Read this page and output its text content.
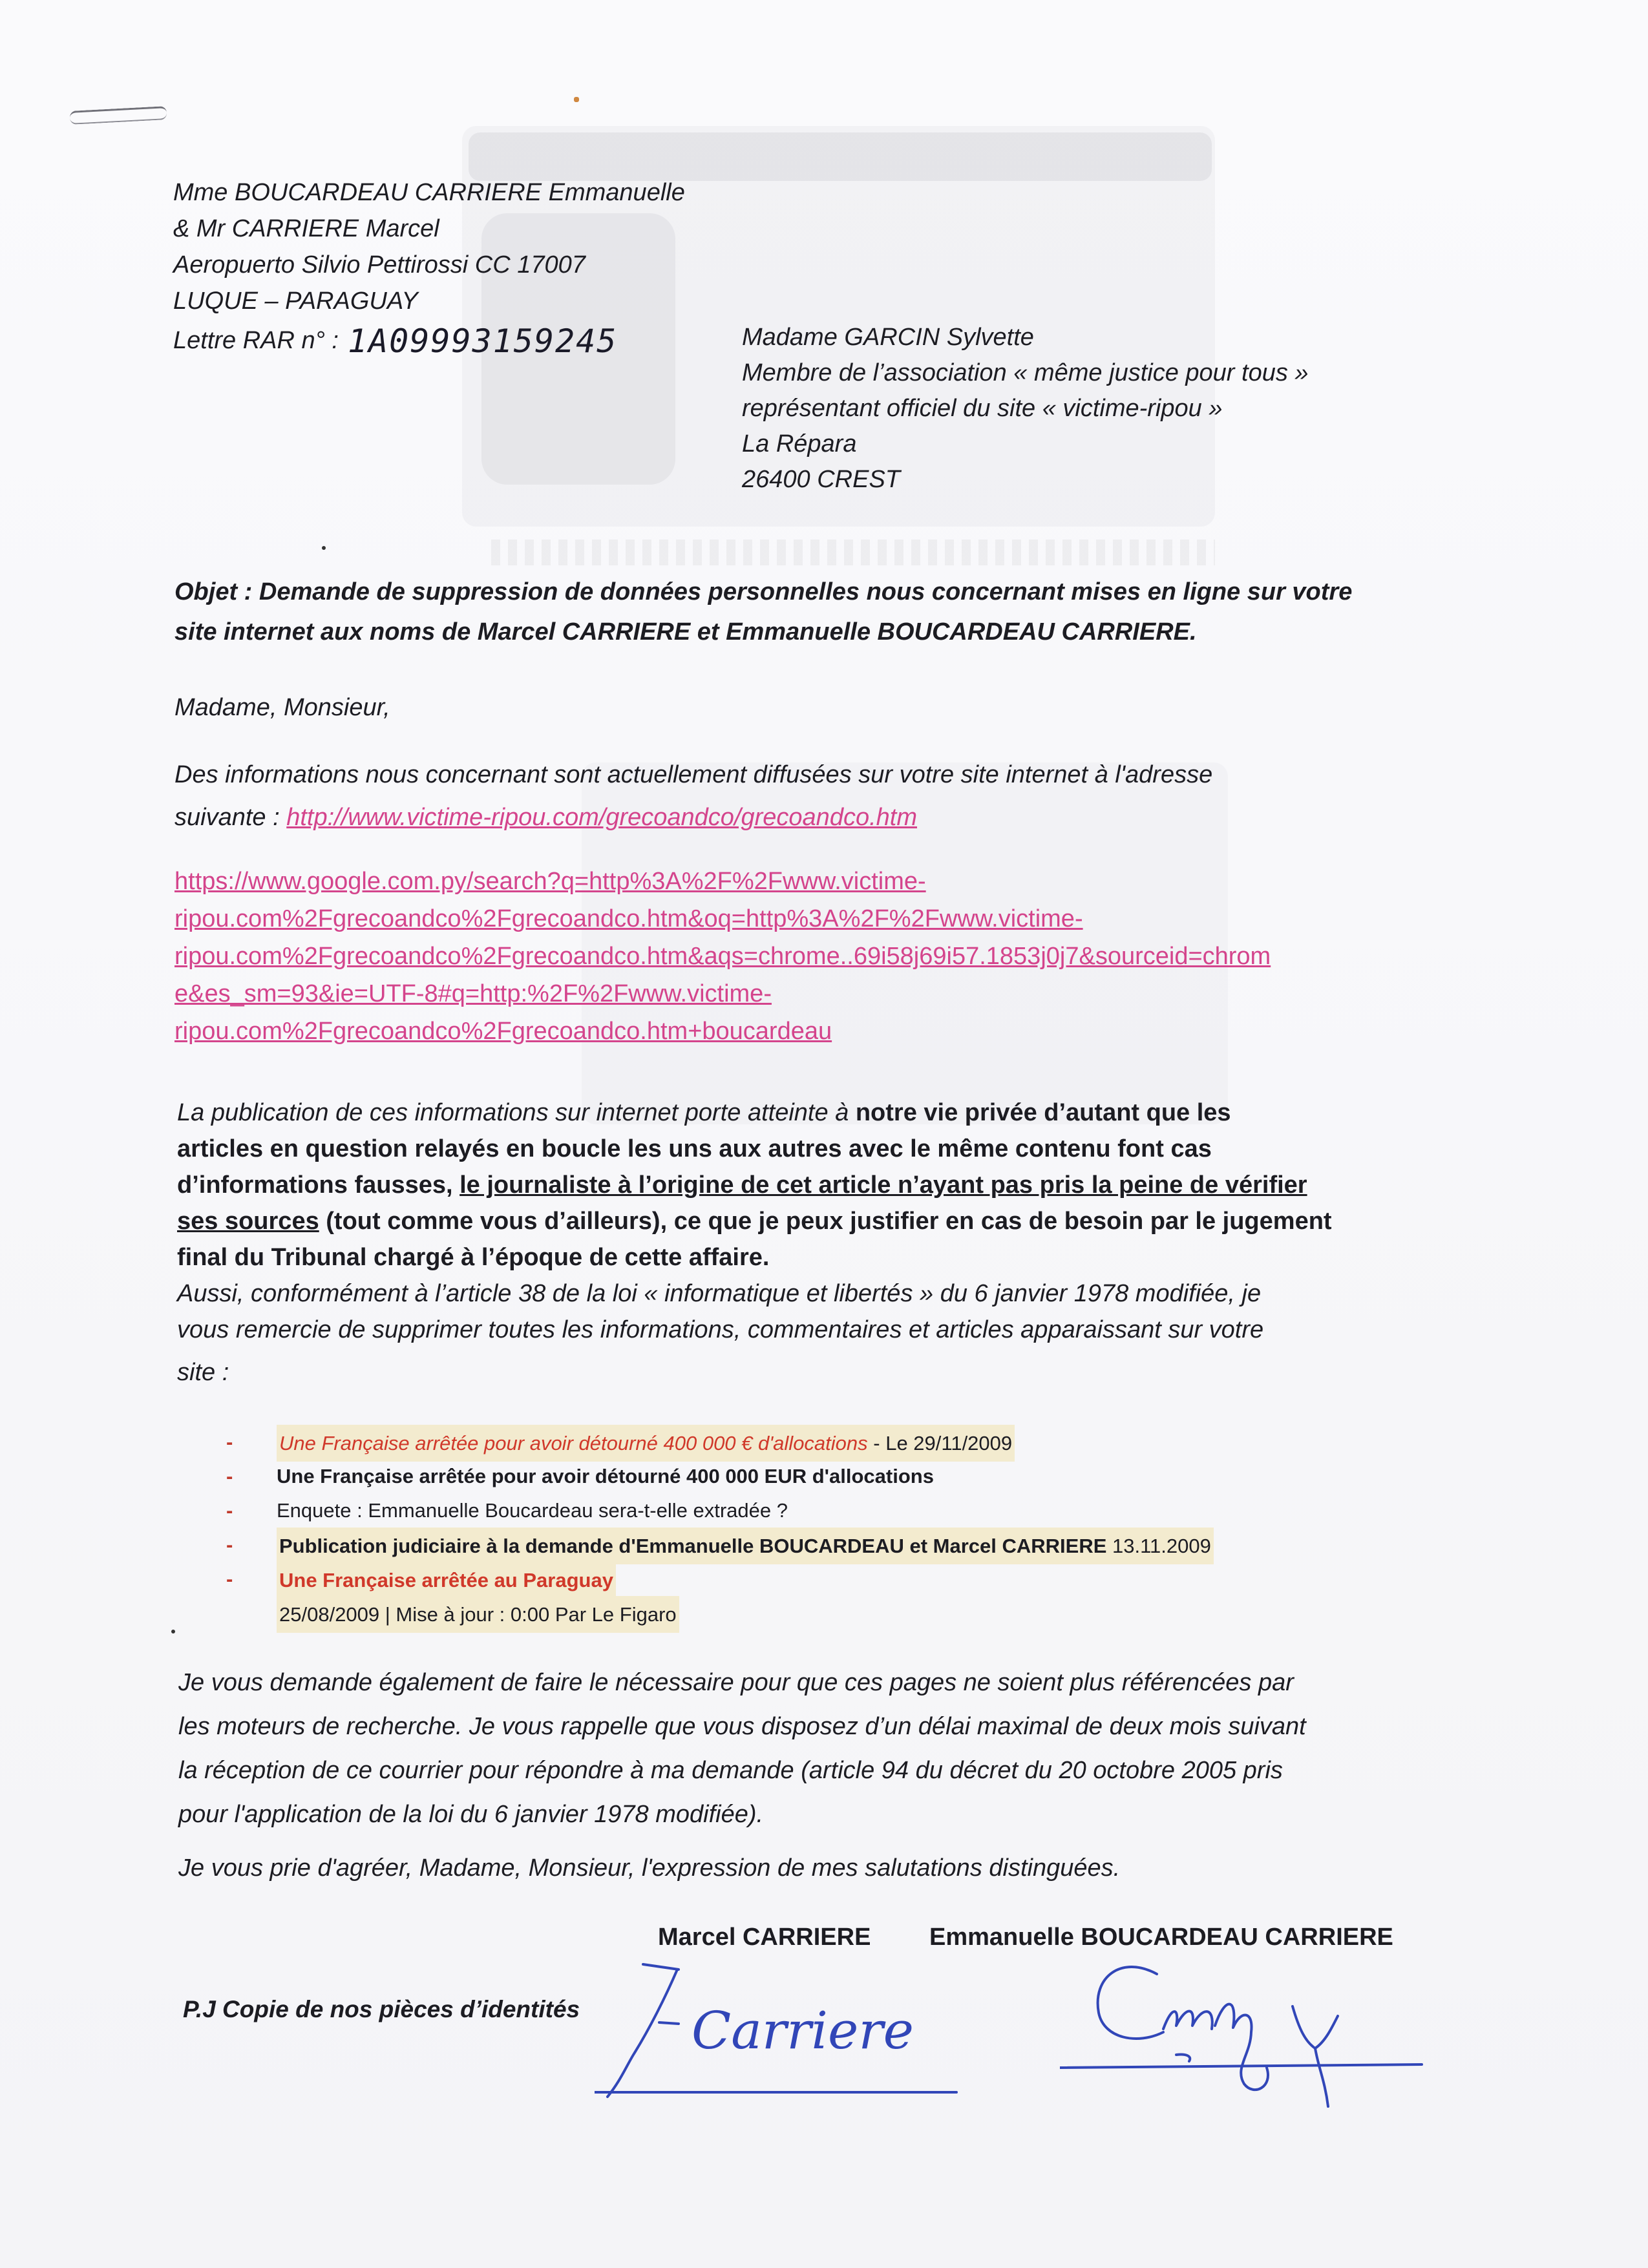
Mme BOUCARDEAU CARRIERE Emmanuelle
& Mr CARRIERE Marcel
Aeropuerto Silvio Pettirossi CC 17007
LUQUE – PARAGUAY
Lettre RAR n° : 1A09993159245	Madame GARCIN Sylvette
Membre de l’association « même justice pour tous »
représentant officiel du site « victime-ripou »
La Répara
26400 CREST
Objet : Demande de suppression de données personnelles nous concernant mises en ligne sur votre
site internet aux noms de Marcel CARRIERE et Emmanuelle BOUCARDEAU CARRIERE.
Madame, Monsieur,
Des informations nous concernant sont actuellement diffusées sur votre site internet à l'adresse
suivante : http://www.victime-ripou.com/grecoandco/grecoandco.htm
https://www.google.com.py/search?q=http%3A%2F%2Fwww.victime-
ripou.com%2Fgrecoandco%2Fgrecoandco.htm&oq=http%3A%2F%2Fwww.victime-
ripou.com%2Fgrecoandco%2Fgrecoandco.htm&aqs=chrome..69i58j69i57.1853j0j7&sourceid=chrom
e&es_sm=93&ie=UTF-8#q=http:%2F%2Fwww.victime-
ripou.com%2Fgrecoandco%2Fgrecoandco.htm+boucardeau
La publication de ces informations sur internet porte atteinte à notre vie privée d’autant que les
articles en question relayés en boucle les uns aux autres avec le même contenu font cas
d’informations fausses, le journaliste à l’origine de cet article n’ayant pas pris la peine de vérifier
ses sources (tout comme vous d’ailleurs), ce que je peux justifier en cas de besoin par le jugement
final du Tribunal chargé à l’époque de cette affaire.
Aussi, conformément à l’article 38 de la loi « informatique et libertés » du 6 janvier 1978 modifiée, je
vous remercie de supprimer toutes les informations, commentaires et articles apparaissant sur votre
site :
- Une Française arrêtée pour avoir détourné 400 000 € d'allocations - Le 29/11/2009
- Une Française arrêtée pour avoir détourné 400 000 EUR d'allocations
- Enquete : Emmanuelle Boucardeau sera-t-elle extradée ?
- Publication judiciaire à la demande d'Emmanuelle BOUCARDEAU et Marcel CARRIERE 13.11.2009
- Une Française arrêtée au Paraguay
25/08/2009 | Mise à jour : 0:00 Par Le Figaro
Je vous demande également de faire le nécessaire pour que ces pages ne soient plus référencées par
les moteurs de recherche. Je vous rappelle que vous disposez d’un délai maximal de deux mois suivant
la réception de ce courrier pour répondre à ma demande (article 94 du décret du 20 octobre 2005 pris
pour l'application de la loi du 6 janvier 1978 modifiée).
Je vous prie d'agréer, Madame, Monsieur, l'expression de mes salutations distinguées.
Marcel CARRIERE Emmanuelle BOUCARDEAU CARRIERE
P.J Copie de nos pièces d’identités Carriere
